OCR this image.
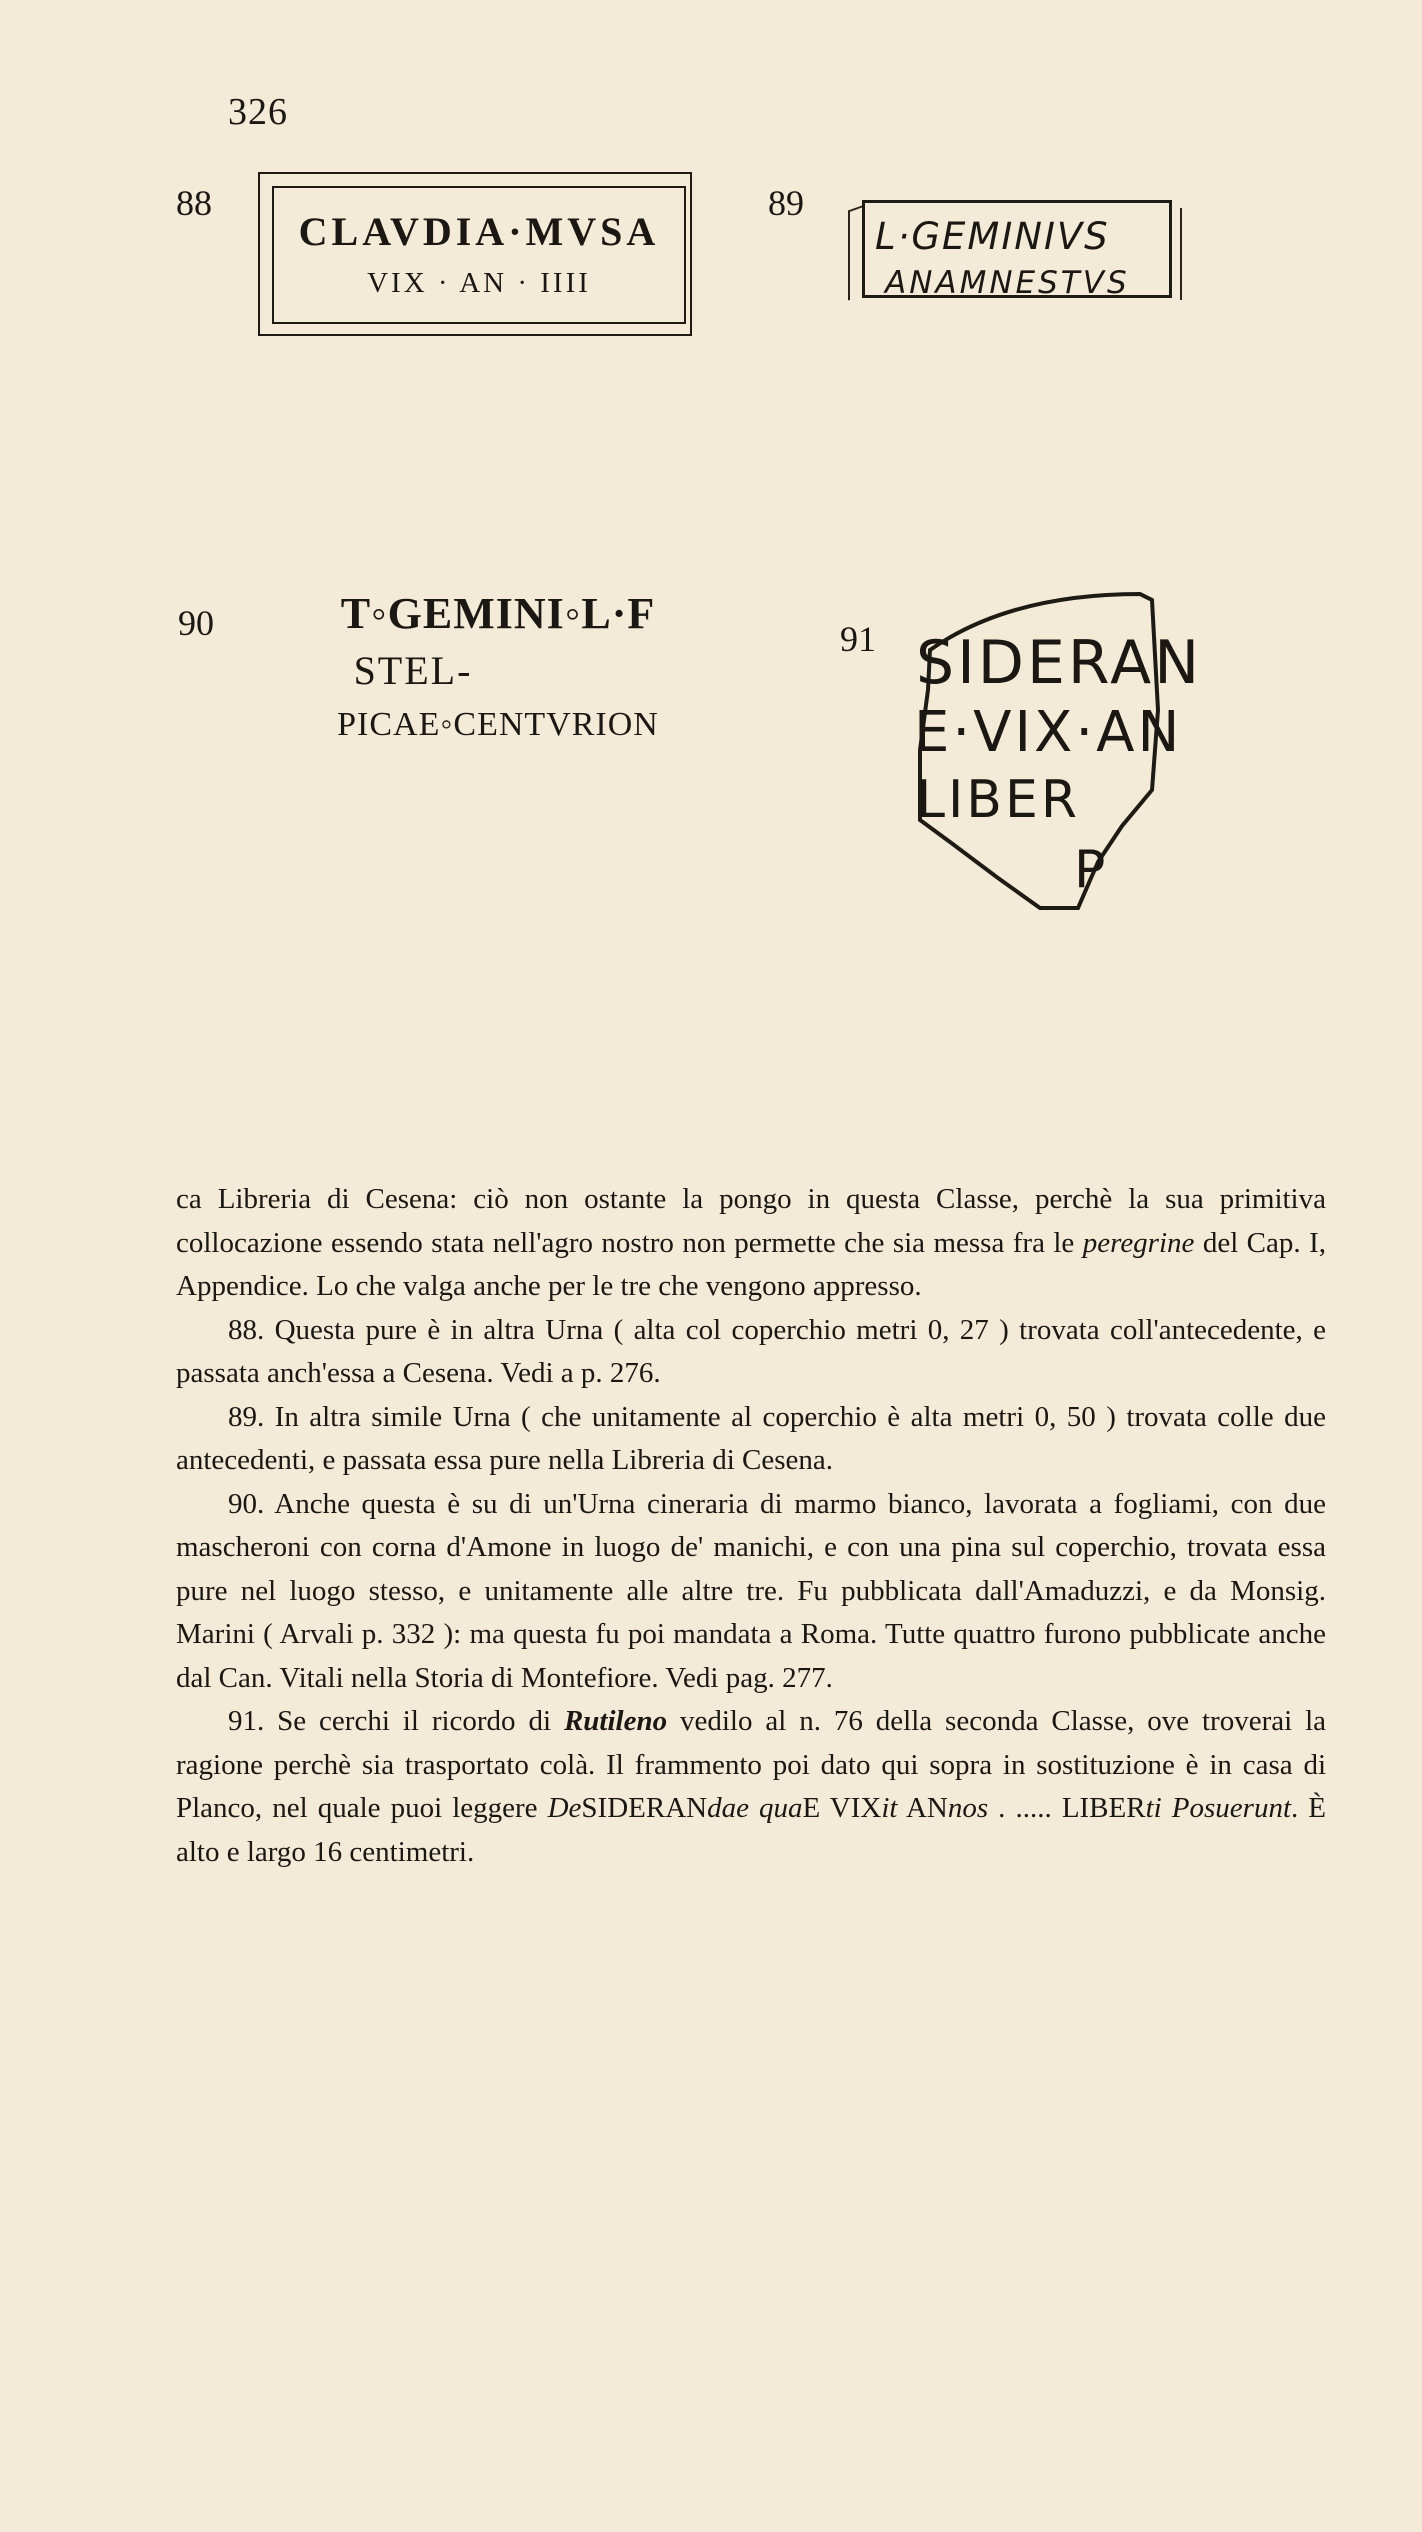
326
88
CLAVDIA·MVSA
VIX · AN · IIII
89
L·GEMINIVS
ANAMNESTVS
90	T◦GEMINI◦L·F
STEL-
PICAE◦CENTVRION
91 SIDERAN
E·VIX·AN
LIBER
P

ca Libreria di Cesena: ciò non ostante la pongo in questa Classe, perchè la sua primitiva collocazione essendo stata nell'agro nostro non permette che sia messa fra le peregrine del Cap. I, Appendice. Lo che valga anche per le tre che vengono appresso.

88. Questa pure è in altra Urna ( alta col coperchio metri 0, 27 ) trovata coll'antecedente, e passata anch'essa a Cesena. Vedi a p. 276.

89. In altra simile Urna ( che unitamente al coperchio è alta metri 0, 50 ) trovata colle due antecedenti, e passata essa pure nella Libreria di Cesena.

90. Anche questa è su di un'Urna cineraria di marmo bianco, lavorata a fogliami, con due mascheroni con corna d'Amone in luogo de' manichi, e con una pina sul coperchio, trovata essa pure nel luogo stesso, e unitamente alle altre tre. Fu pubblicata dall'Amaduzzi, e da Monsig. Marini ( Arvali p. 332 ): ma questa fu poi mandata a Roma. Tutte quattro furono pubblicate anche dal Can. Vitali nella Storia di Montefiore. Vedi pag. 277.

91. Se cerchi il ricordo di Rutileno vedilo al n. 76 della seconda Classe, ove troverai la ragione perchè sia trasportato colà. Il frammento poi dato qui sopra in sostituzione è in casa di Planco, nel quale puoi leggere DeSIDERANdae quaE VIXit ANnos . ..... LIBERti Posuerunt. È alto e largo 16 centimetri.
